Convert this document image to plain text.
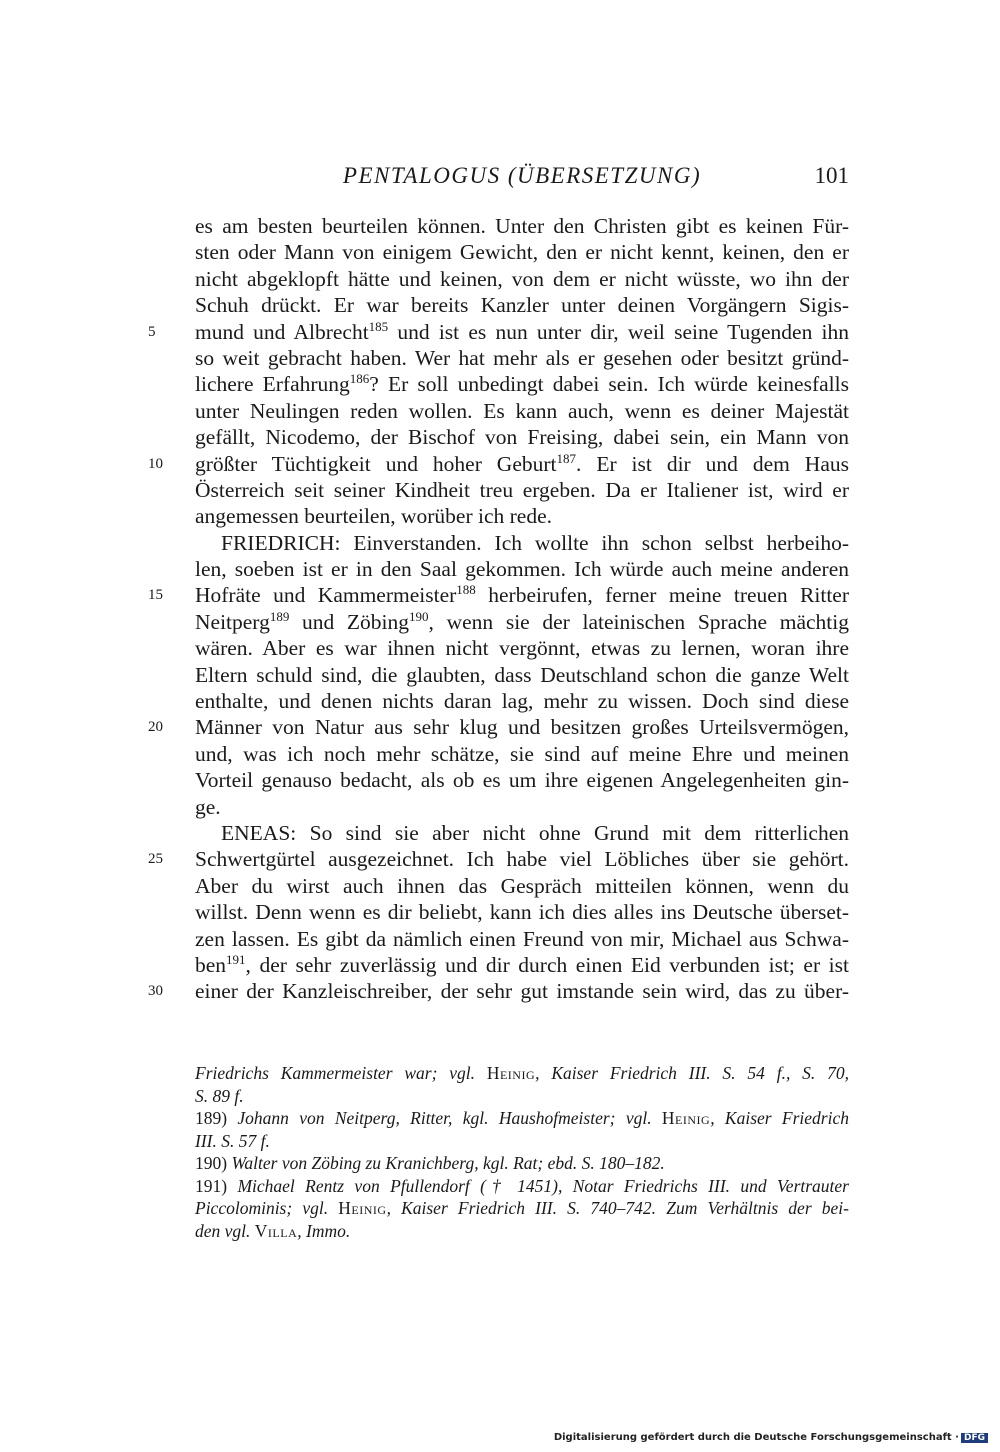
PENTALOGUS (ÜBERSETZUNG)	101
es am besten beurteilen können. Unter den Christen gibt es keinen Für-
sten oder Mann von einigem Gewicht, den er nicht kennt, keinen, den er
nicht abgeklopft hätte und keinen, von dem er nicht wüsste, wo ihn der
Schuh drückt. Er war bereits Kanzler unter deinen Vorgängern Sigis-
5	mund und Albrecht$^{185}$ und ist es nun unter dir, weil seine Tugenden ihn
so weit gebracht haben. Wer hat mehr als er gesehen oder besitzt gründ-
lichere Erfahrung$^{186}$? Er soll unbedingt dabei sein. Ich würde keinesfalls
unter Neulingen reden wollen. Es kann auch, wenn es deiner Majestät
gefällt, Nicodemo, der Bischof von Freising, dabei sein, ein Mann von
10	größter Tüchtigkeit und hoher Geburt$^{187}$. Er ist dir und dem Haus
Österreich seit seiner Kindheit treu ergeben. Da er Italiener ist, wird er
angemessen beurteilen, worüber ich rede.
FRIEDRICH: Einverstanden. Ich wollte ihn schon selbst herbeiho-
len, soeben ist er in den Saal gekommen. Ich würde auch meine anderen
15	Hofräte und Kammermeister$^{188}$ herbeirufen, ferner meine treuen Ritter
Neitperg$^{189}$ und Zöbing$^{190}$, wenn sie der lateinischen Sprache mächtig
wären. Aber es war ihnen nicht vergönnt, etwas zu lernen, woran ihre
Eltern schuld sind, die glaubten, dass Deutschland schon die ganze Welt
enthalte, und denen nichts daran lag, mehr zu wissen. Doch sind diese
20	Männer von Natur aus sehr klug und besitzen großes Urteilsvermögen,
und, was ich noch mehr schätze, sie sind auf meine Ehre und meinen
Vorteil genauso bedacht, als ob es um ihre eigenen Angelegenheiten gin-
ge.
ENEAS: So sind sie aber nicht ohne Grund mit dem ritterlichen
25	Schwertgürtel ausgezeichnet. Ich habe viel Löbliches über sie gehört.
Aber du wirst auch ihnen das Gespräch mitteilen können, wenn du
willst. Denn wenn es dir beliebt, kann ich dies alles ins Deutsche überset-
zen lassen. Es gibt da nämlich einen Freund von mir, Michael aus Schwa-
ben$^{191}$, der sehr zuverlässig und dir durch einen Eid verbunden ist; er ist
30	einer der Kanzleischreiber, der sehr gut imstande sein wird, das zu über-
Friedrichs Kammermeister war; vgl. Heinig, Kaiser Friedrich III. S. 54 f., S. 70,
S. 89 f.
189) Johann von Neitperg, Ritter, kgl. Haushofmeister; vgl. Heinig, Kaiser Friedrich
III. S. 57 f.
190) Walter von Zöbing zu Kranichberg, kgl. Rat; ebd. S. 180–182.
191) Michael Rentz von Pfullendorf († 1451), Notar Friedrichs III. und Vertrauter
Piccolominis; vgl. Heinig, Kaiser Friedrich III. S. 740–742. Zum Verhältnis der bei-
den vgl. Villa, Immo.
Digitalisierung gefördert durch die Deutsche Forschungsgemeinschaft · DFG
